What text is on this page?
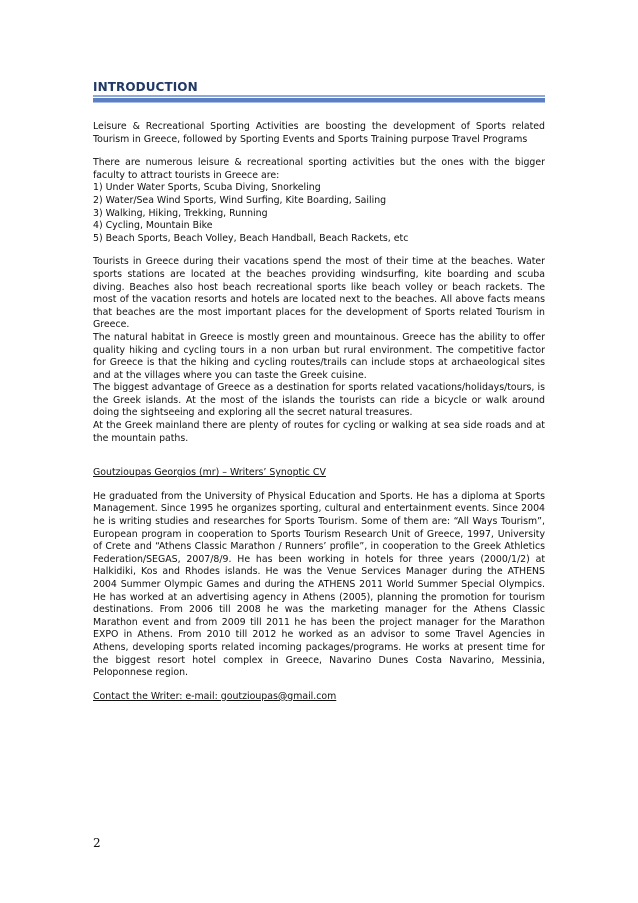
INTRODUCTION

Leisure & Recreational Sporting Activities are boosting the development of Sports related Tourism in Greece, followed by Sporting Events and Sports Training purpose Travel Programs

There are numerous leisure & recreational sporting activities but the ones with the bigger faculty to attract tourists in Greece are:

1) Under Water Sports, Scuba Diving, Snorkeling

2) Water/Sea Wind Sports, Wind Surfing, Kite Boarding, Sailing

3) Walking, Hiking, Trekking, Running

4) Cycling, Mountain Bike

5) Beach Sports, Beach Volley, Beach Handball, Beach Rackets, etc

Tourists in Greece during their vacations spend the most of their time at the beaches. Water sports stations are located at the beaches providing windsurfing, kite boarding and scuba diving. Beaches also host beach recreational sports like beach volley or beach rackets. The most of the vacation resorts and hotels are located next to the beaches. All above facts means that beaches are the most important places for the development of Sports related Tourism in Greece.

The natural habitat in Greece is mostly green and mountainous. Greece has the ability to offer quality hiking and cycling tours in a non urban but rural environment. The competitive factor for Greece is that the hiking and cycling routes/trails can include stops at archaeological sites and at the villages where you can taste the Greek cuisine.

The biggest advantage of Greece as a destination for sports related vacations/holidays/tours, is the Greek islands. At the most of the islands the tourists can ride a bicycle or walk around doing the sightseeing and exploring all the secret natural treasures.

At the Greek mainland there are plenty of routes for cycling or walking at sea side roads and at the mountain paths.

Goutzioupas Georgios (mr) – Writers’ Synoptic CV

He graduated from the University of Physical Education and Sports. He has a diploma at Sports Management. Since 1995 he organizes sporting, cultural and entertainment events. Since 2004 he is writing studies and researches for Sports Tourism. Some of them are: “All Ways Tourism”, European program in cooperation to Sports Tourism Research Unit of Greece, 1997, University of Crete and “Athens Classic Marathon / Runners’ profile”, in cooperation to the Greek Athletics Federation/SEGAS, 2007/8/9. He has been working in hotels for three years (2000/1/2) at Halkidiki, Kos and Rhodes islands. He was the Venue Services Manager during the ATHENS 2004 Summer Olympic Games and during the ATHENS 2011 World Summer Special Olympics. He has worked at an advertising agency in Athens (2005), planning the promotion for tourism destinations. From 2006 till 2008 he was the marketing manager for the Athens Classic Marathon event and from 2009 till 2011 he has been the project manager for the Marathon EXPO in Athens. From 2010 till 2012 he worked as an advisor to some Travel Agencies in Athens, developing sports related incoming packages/programs. He works at present time for the biggest resort hotel complex in Greece, Navarino Dunes Costa Navarino, Messinia, Peloponnese region.

Contact the Writer: e-mail: goutzioupas@gmail.com

2
